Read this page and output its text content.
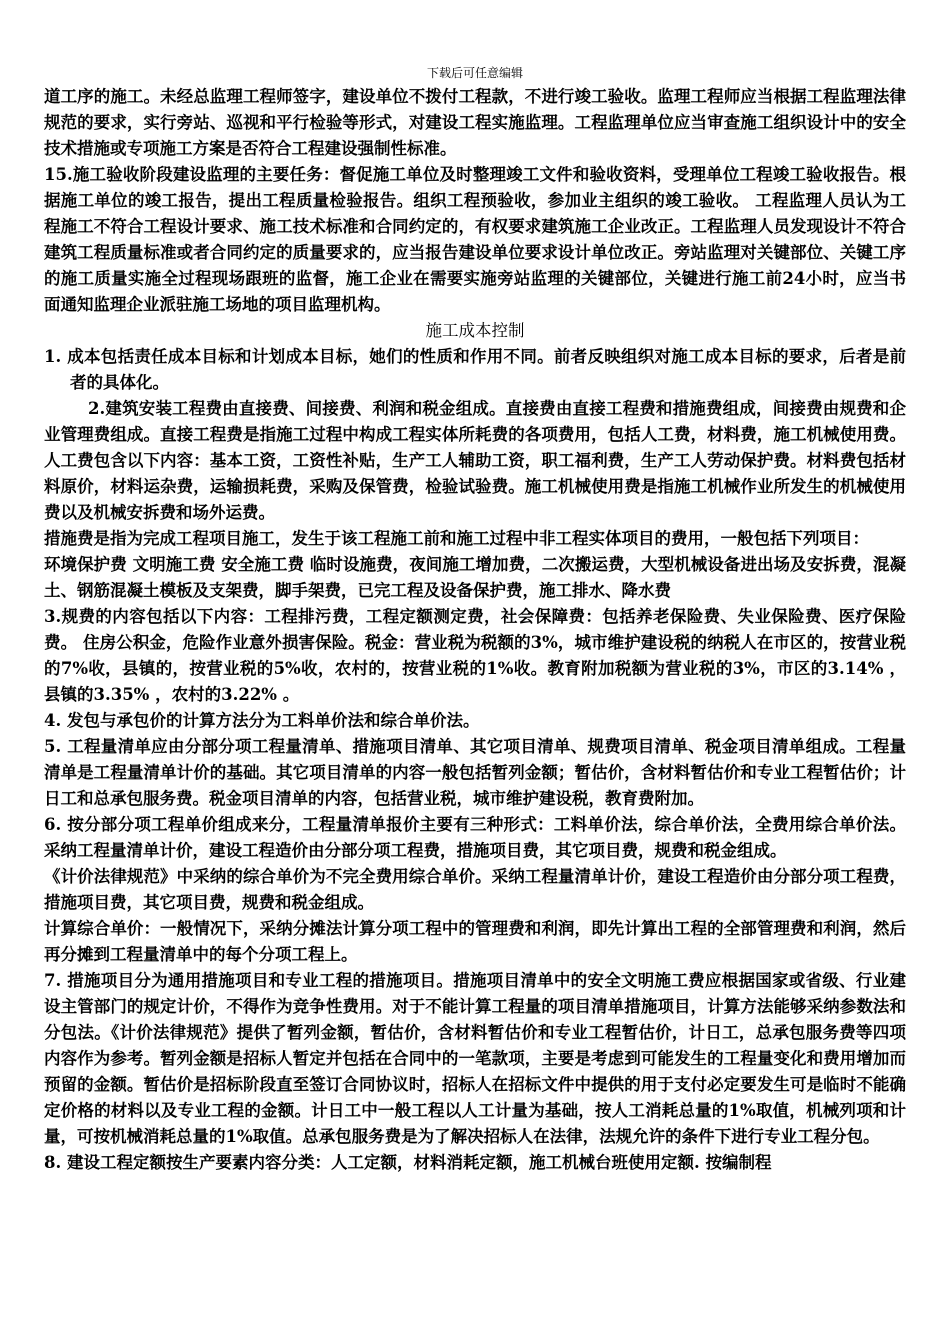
下载后可任意编辑

道工序的施工。未经总监理工程师签字，建设单位不拨付工程款，不进行竣工验收。监理工程师应当根据工程监理法律规范的要求，实行旁站、巡视和平行检验等形式，对建设工程实施监理。工程监理单位应当审查施工组织设计中的安全技术措施或专项施工方案是否符合工程建设强制性标准。

15.施工验收阶段建设监理的主要任务：督促施工单位及时整理竣工文件和验收资料，受理单位工程竣工验收报告。根据施工单位的竣工报告，提出工程质量检验报告。组织工程预验收，参加业主组织的竣工验收。 工程监理人员认为工程施工不符合工程设计要求、施工技术标准和合同约定的，有权要求建筑施工企业改正。工程监理人员发现设计不符合建筑工程质量标准或者合同约定的质量要求的，应当报告建设单位要求设计单位改正。旁站监理对关键部位、关键工序的施工质量实施全过程现场跟班的监督，施工企业在需要实施旁站监理的关键部位，关键进行施工前24小时，应当书面通知监理企业派驻施工场地的项目监理机构。

施工成本控制

1. 成本包括责任成本目标和计划成本目标，她们的性质和作用不同。前者反映组织对施工成本目标的要求，后者是前者的具体化。

2.建筑安装工程费由直接费、间接费、利润和税金组成。直接费由直接工程费和措施费组成，间接费由规费和企业管理费组成。直接工程费是指施工过程中构成工程实体所耗费的各项费用，包括人工费，材料费，施工机械使用费。人工费包含以下内容：基本工资，工资性补贴，生产工人辅助工资，职工福利费，生产工人劳动保护费。材料费包括材料原价，材料运杂费，运输损耗费，采购及保管费，检验试验费。施工机械使用费是指施工机械作业所发生的机械使用费以及机械安拆费和场外运费。

措施费是指为完成工程项目施工，发生于该工程施工前和施工过程中非工程实体项目的费用，一般包括下列项目：

环境保护费 文明施工费 安全施工费 临时设施费，夜间施工增加费，二次搬运费，大型机械设备进出场及安拆费，混凝土、钢筋混凝土模板及支架费，脚手架费，已完工程及设备保护费，施工排水、降水费

3.规费的内容包括以下内容：工程排污费，工程定额测定费，社会保障费：包括养老保险费、失业保险费、医疗保险费。 住房公积金，危险作业意外损害保险。税金：营业税为税额的3%，城市维护建设税的纳税人在市区的，按营业税的7%收，县镇的，按营业税的5%收，农村的，按营业税的1%收。教育附加税额为营业税的3%，市区的3.14% ，县镇的3.35% ，农村的3.22% 。

4. 发包与承包价的计算方法分为工料单价法和综合单价法。

5. 工程量清单应由分部分项工程量清单、措施项目清单、其它项目清单、规费项目清单、税金项目清单组成。工程量清单是工程量清单计价的基础。其它项目清单的内容一般包括暂列金额；暂估价，含材料暂估价和专业工程暂估价；计日工和总承包服务费。税金项目清单的内容，包括营业税，城市维护建设税，教育费附加。

6. 按分部分项工程单价组成来分，工程量清单报价主要有三种形式：工料单价法，综合单价法，全费用综合单价法。采纳工程量清单计价，建设工程造价由分部分项工程费，措施项目费，其它项目费，规费和税金组成。

《计价法律规范》中采纳的综合单价为不完全费用综合单价。采纳工程量清单计价，建设工程造价由分部分项工程费，措施项目费，其它项目费，规费和税金组成。

计算综合单价：一般情况下，采纳分摊法计算分项工程中的管理费和利润，即先计算出工程的全部管理费和利润，然后再分摊到工程量清单中的每个分项工程上。

7. 措施项目分为通用措施项目和专业工程的措施项目。措施项目清单中的安全文明施工费应根据国家或省级、行业建设主管部门的规定计价，不得作为竞争性费用。对于不能计算工程量的项目清单措施项目，计算方法能够采纳参数法和分包法。《计价法律规范》提供了暂列金额，暂估价，含材料暂估价和专业工程暂估价，计日工，总承包服务费等四项内容作为参考。暂列金额是招标人暂定并包括在合同中的一笔款项，主要是考虑到可能发生的工程量变化和费用增加而预留的金额。暂估价是招标阶段直至签订合同协议时，招标人在招标文件中提供的用于支付必定要发生可是临时不能确定价格的材料以及专业工程的金额。计日工中一般工程以人工计量为基础，按人工消耗总量的1%取值，机械列项和计量，可按机械消耗总量的1%取值。总承包服务费是为了解决招标人在法律，法规允许的条件下进行专业工程分包。

8. 建设工程定额按生产要素内容分类：人工定额，材料消耗定额，施工机械台班使用定额. 按编制程
